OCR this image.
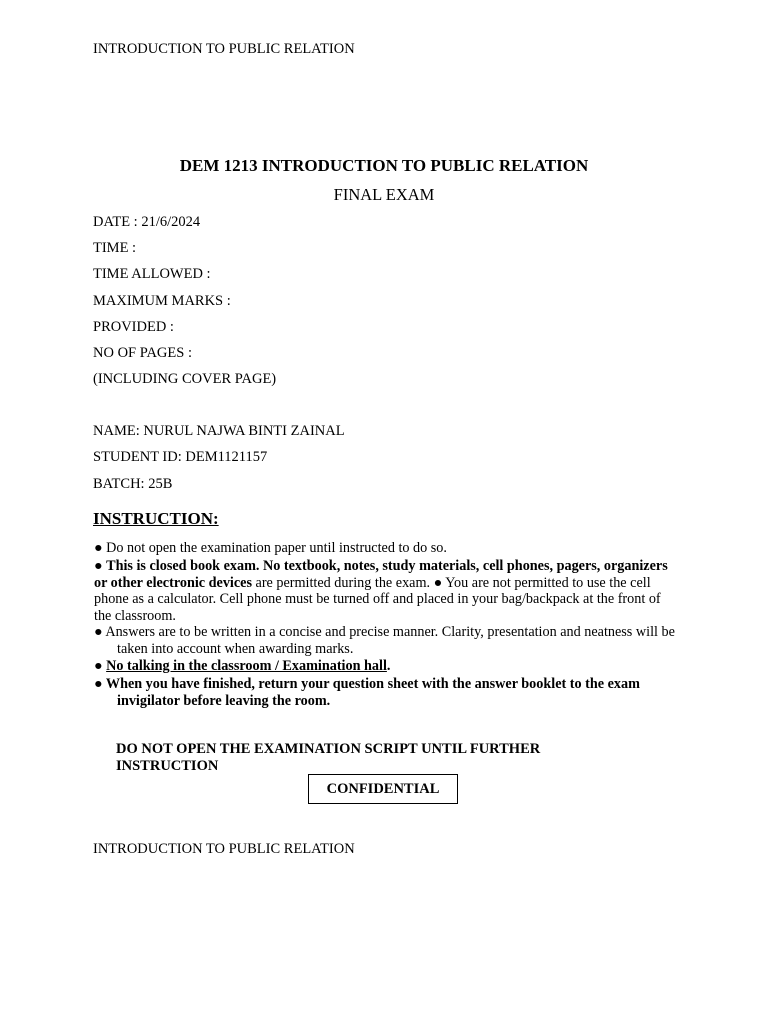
INTRODUCTION TO PUBLIC RELATION
DEM 1213 INTRODUCTION TO PUBLIC RELATION
FINAL EXAM
DATE : 21/6/2024
TIME :
TIME ALLOWED :
MAXIMUM MARKS :
PROVIDED :
NO OF PAGES :
(INCLUDING COVER PAGE)
NAME: NURUL NAJWA BINTI ZAINAL
STUDENT ID: DEM1121157
BATCH: 25B
INSTRUCTION:
● Do not open the examination paper until instructed to do so.
● This is closed book exam. No textbook, notes, study materials, cell phones, pagers, organizers or other electronic devices are permitted during the exam. ● You are not permitted to use the cell phone as a calculator. Cell phone must be turned off and placed in your bag/backpack at the front of the classroom.
● Answers are to be written in a concise and precise manner. Clarity, presentation and neatness will be taken into account when awarding marks.
● No talking in the classroom / Examination hall.
● When you have finished, return your question sheet with the answer booklet to the exam invigilator before leaving the room.
DO NOT OPEN THE EXAMINATION SCRIPT UNTIL FURTHER INSTRUCTION
CONFIDENTIAL
INTRODUCTION TO PUBLIC RELATION
